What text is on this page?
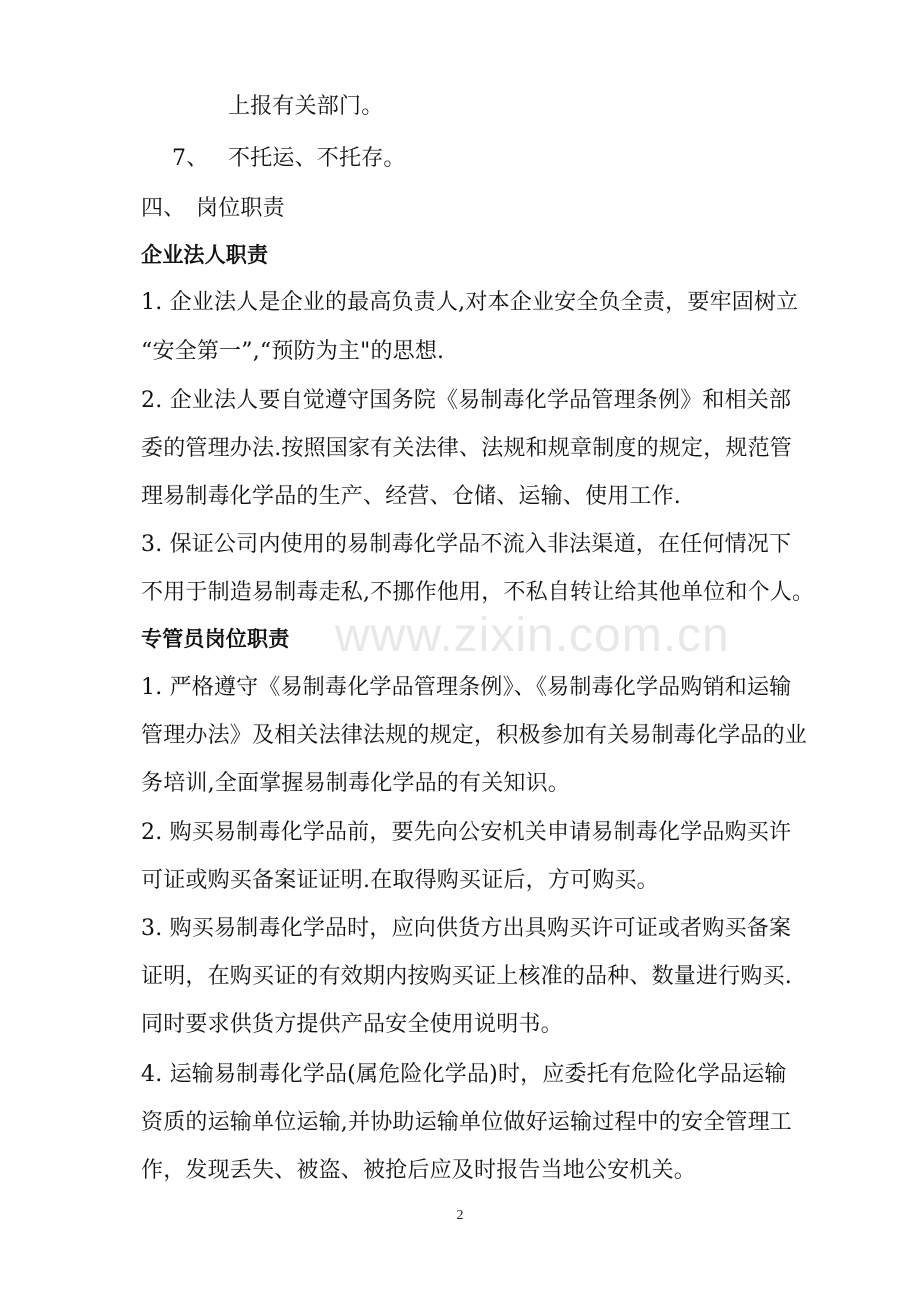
上报有关部门。
7、 不托运、不托存。
四、 岗位职责
企业法人职责
1. 企业法人是企业的最高负责人,对本企业安全负全责，要牢固树立
“安全第一”,“预防为主"的思想.
2. 企业法人要自觉遵守国务院《易制毒化学品管理条例》和相关部
委的管理办法.按照国家有关法律、法规和规章制度的规定，规范管
理易制毒化学品的生产、经营、仓储、运输、使用工作.
3. 保证公司内使用的易制毒化学品不流入非法渠道，在任何情况下
不用于制造易制毒走私,不挪作他用，不私自转让给其他单位和个人。
专管员岗位职责
1. 严格遵守《易制毒化学品管理条例》、《易制毒化学品购销和运输
管理办法》及相关法律法规的规定，积极参加有关易制毒化学品的业
务培训,全面掌握易制毒化学品的有关知识。
2. 购买易制毒化学品前，要先向公安机关申请易制毒化学品购买许
可证或购买备案证证明.在取得购买证后，方可购买。
3. 购买易制毒化学品时，应向供货方出具购买许可证或者购买备案
证明，在购买证的有效期内按购买证上核准的品种、数量进行购买.
同时要求供货方提供产品安全使用说明书。
4. 运输易制毒化学品(属危险化学品)时，应委托有危险化学品运输
资质的运输单位运输,并协助运输单位做好运输过程中的安全管理工
作，发现丢失、被盗、被抢后应及时报告当地公安机关。
www.zixin.com.cn
2
